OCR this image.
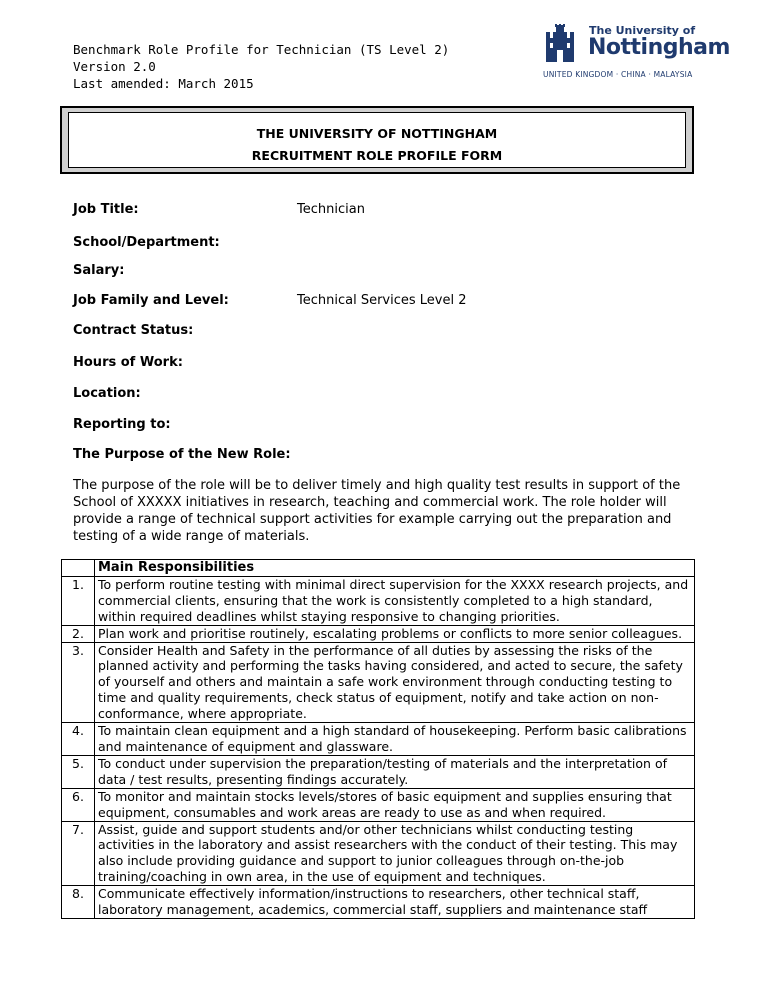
Benchmark Role Profile for Technician (TS Level 2)
Version 2.0
Last amended: March 2015
The University of
Nottingham
UNITED KINGDOM · CHINA · MALAYSIA
THE UNIVERSITY OF NOTTINGHAM
RECRUITMENT ROLE PROFILE FORM
Job Title:	Technician
School/Department:
Salary:
Job Family and Level:	Technical Services Level 2
Contract Status:
Hours of Work:
Location:
Reporting to:
The Purpose of the New Role:
The purpose of the role will be to deliver timely and high quality test results in support of the School of XXXXX initiatives in research, teaching and commercial work. The role holder will provide a range of technical support activities for example carrying out the preparation and testing of a wide range of materials.
	Main Responsibilities
1.	To perform routine testing with minimal direct supervision for the XXXX research projects, and commercial clients, ensuring that the work is consistently completed to a high standard, within required deadlines whilst staying responsive to changing priorities.
2.	Plan work and prioritise routinely, escalating problems or conflicts to more senior colleagues.
3.	Consider Health and Safety in the performance of all duties by assessing the risks of the planned activity and performing the tasks having considered, and acted to secure, the safety of yourself and others and maintain a safe work environment through conducting testing to time and quality requirements, check status of equipment, notify and take action on non-conformance, where appropriate.
4.	To maintain clean equipment and a high standard of housekeeping. Perform basic calibrations and maintenance of equipment and glassware.
5.	To conduct under supervision the preparation/testing of materials and the interpretation of data / test results, presenting findings accurately.
6.	To monitor and maintain stocks levels/stores of basic equipment and supplies ensuring that equipment, consumables and work areas are ready to use as and when required.
7.	Assist, guide and support students and/or other technicians whilst conducting testing activities in the laboratory and assist researchers with the conduct of their testing. This may also include providing guidance and support to junior colleagues through on-the-job training/coaching in own area, in the use of equipment and techniques.
8.	Communicate effectively information/instructions to researchers, other technical staff, laboratory management, academics, commercial staff, suppliers and maintenance staff
